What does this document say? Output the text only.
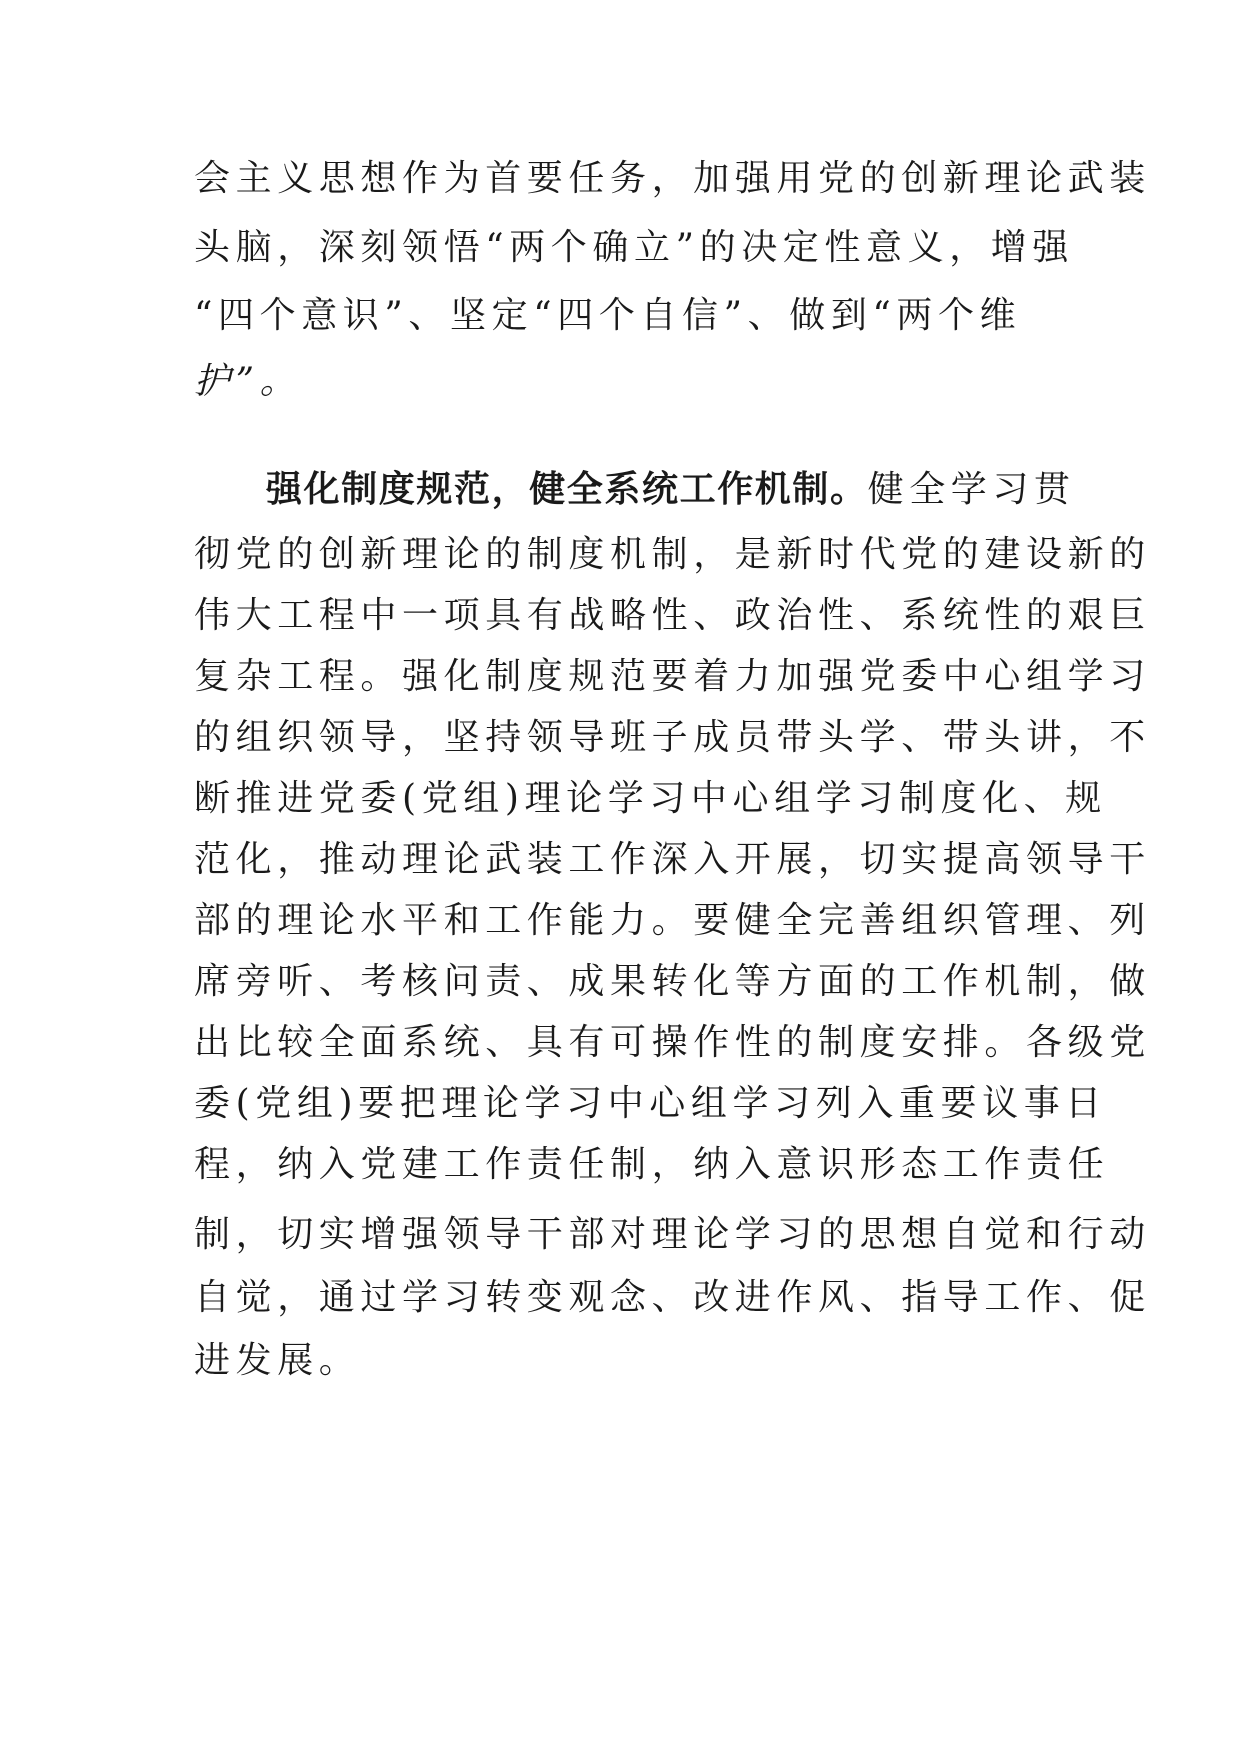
会主义思想作为首要任务，加强用党的创新理论武装
头脑，深刻领悟“两个确立”的决定性意义，增强
“四个意识”、坚定“四个自信”、做到“两个维
护”。
强化制度规范，健全系统工作机制。健全学习贯
彻党的创新理论的制度机制，是新时代党的建设新的
伟大工程中一项具有战略性、政治性、系统性的艰巨
复杂工程。强化制度规范要着力加强党委中心组学习
的组织领导，坚持领导班子成员带头学、带头讲，不
断推进党委(党组)理论学习中心组学习制度化、规
范化，推动理论武装工作深入开展，切实提高领导干
部的理论水平和工作能力。要健全完善组织管理、列
席旁听、考核问责、成果转化等方面的工作机制，做
出比较全面系统、具有可操作性的制度安排。各级党
委(党组)要把理论学习中心组学习列入重要议事日
程，纳入党建工作责任制，纳入意识形态工作责任
制，切实增强领导干部对理论学习的思想自觉和行动
自觉，通过学习转变观念、改进作风、指导工作、促
进发展。
